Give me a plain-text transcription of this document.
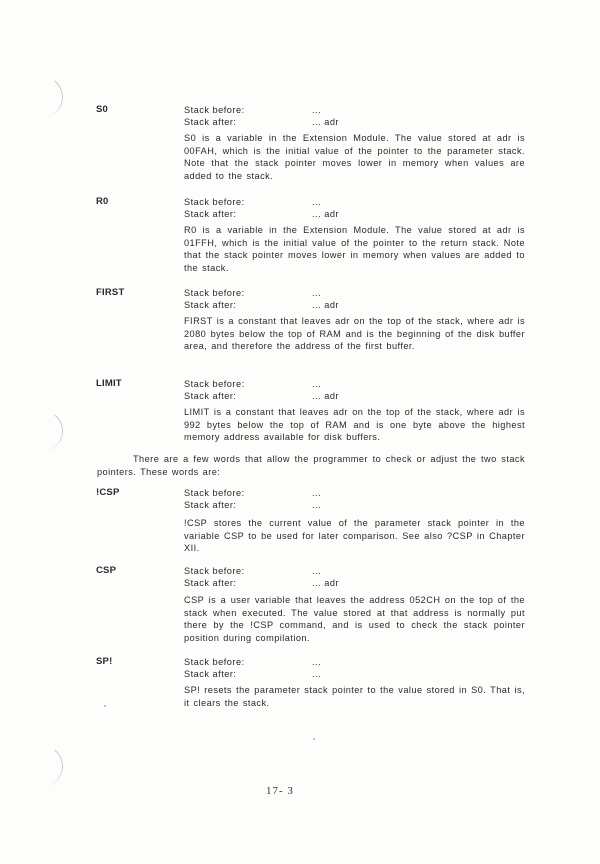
S0	Stack before:	...
Stack after:	... adr
S0 is a variable in the Extension Module. The value stored at adr is 00FAH, which is the initial value of the pointer to the parameter stack. Note that the stack pointer moves lower in memory when values are added to the stack.
R0	Stack before:	...
Stack after:	... adr
R0 is a variable in the Extension Module. The value stored at adr is 01FFH, which is the initial value of the pointer to the return stack. Note that the stack pointer moves lower in memory when values are added to the stack.
FIRST	Stack before:	...
Stack after:	... adr
FIRST is a constant that leaves adr on the top of the stack, where adr is 2080 bytes below the top of RAM and is the beginning of the disk buffer area, and therefore the address of the first buffer.
LIMIT	Stack before:	...
Stack after:	... adr
LIMIT is a constant that leaves adr on the top of the stack, where adr is 992 bytes below the top of RAM and is one byte above the highest memory address available for disk buffers.
There are a few words that allow the programmer to check or adjust the two stack pointers. These words are:
!CSP	Stack before:	...
Stack after:	...
!CSP stores the current value of the parameter stack pointer in the variable CSP to be used for later comparison. See also ?CSP in Chapter XII.
CSP	Stack before:	...
Stack after:	... adr
CSP is a user variable that leaves the address 052CH on the top of the stack when executed. The value stored at that address is normally put there by the !CSP command, and is used to check the stack pointer position during compilation.
SP!	Stack before:	...
Stack after:	...
SP! resets the parameter stack pointer to the value stored in S0. That is, it clears the stack.
17- 3
